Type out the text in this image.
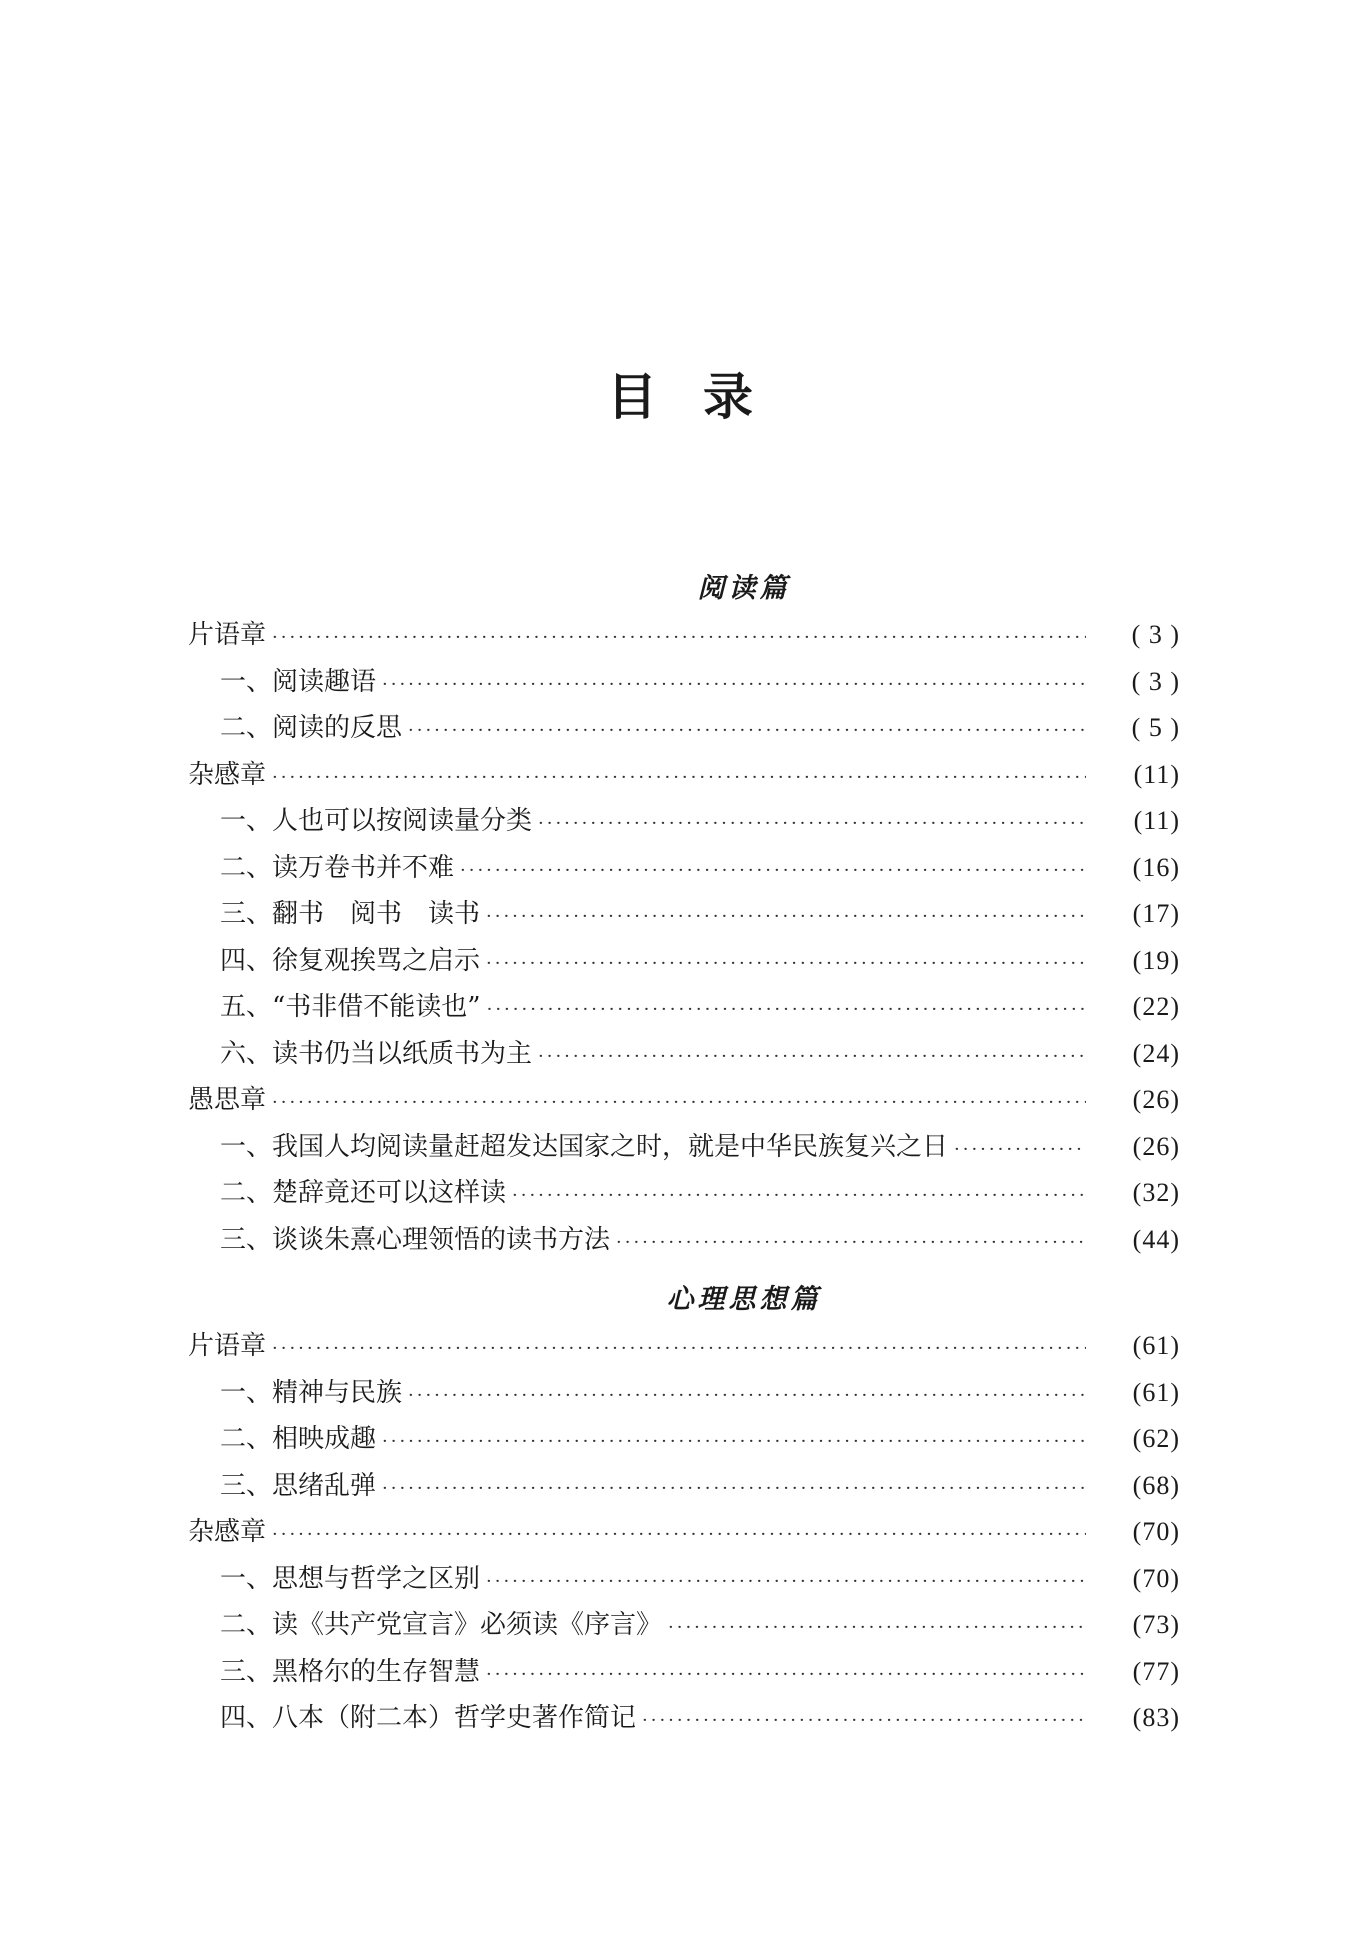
目 录
阅读篇
片语章 ·····	( 3 )
一、阅读趣语 ·····	( 3 )
二、阅读的反思 ·····	( 5 )
杂感章 ·····	(11)
一、人也可以按阅读量分类 ·····	(11)
二、读万卷书并不难 ·····	(16)
三、翻书　阅书　读书 ·····	(17)
四、徐复观挨骂之启示 ·····	(19)
五、“书非借不能读也” ·····	(22)
六、读书仍当以纸质书为主 ·····	(24)
愚思章 ·····	(26)
一、我国人均阅读量赶超发达国家之时，就是中华民族复兴之日 ·····	(26)
二、楚辞竟还可以这样读 ·····	(32)
三、谈谈朱熹心理领悟的读书方法 ·····	(44)
心理思想篇
片语章 ·····	(61)
一、精神与民族 ·····	(61)
二、相映成趣 ·····	(62)
三、思绪乱弹 ·····	(68)
杂感章 ·····	(70)
一、思想与哲学之区别 ·····	(70)
二、读《共产党宣言》必须读《序言》 ·····	(73)
三、黑格尔的生存智慧 ·····	(77)
四、八本（附二本）哲学史著作简记 ·····	(83)
